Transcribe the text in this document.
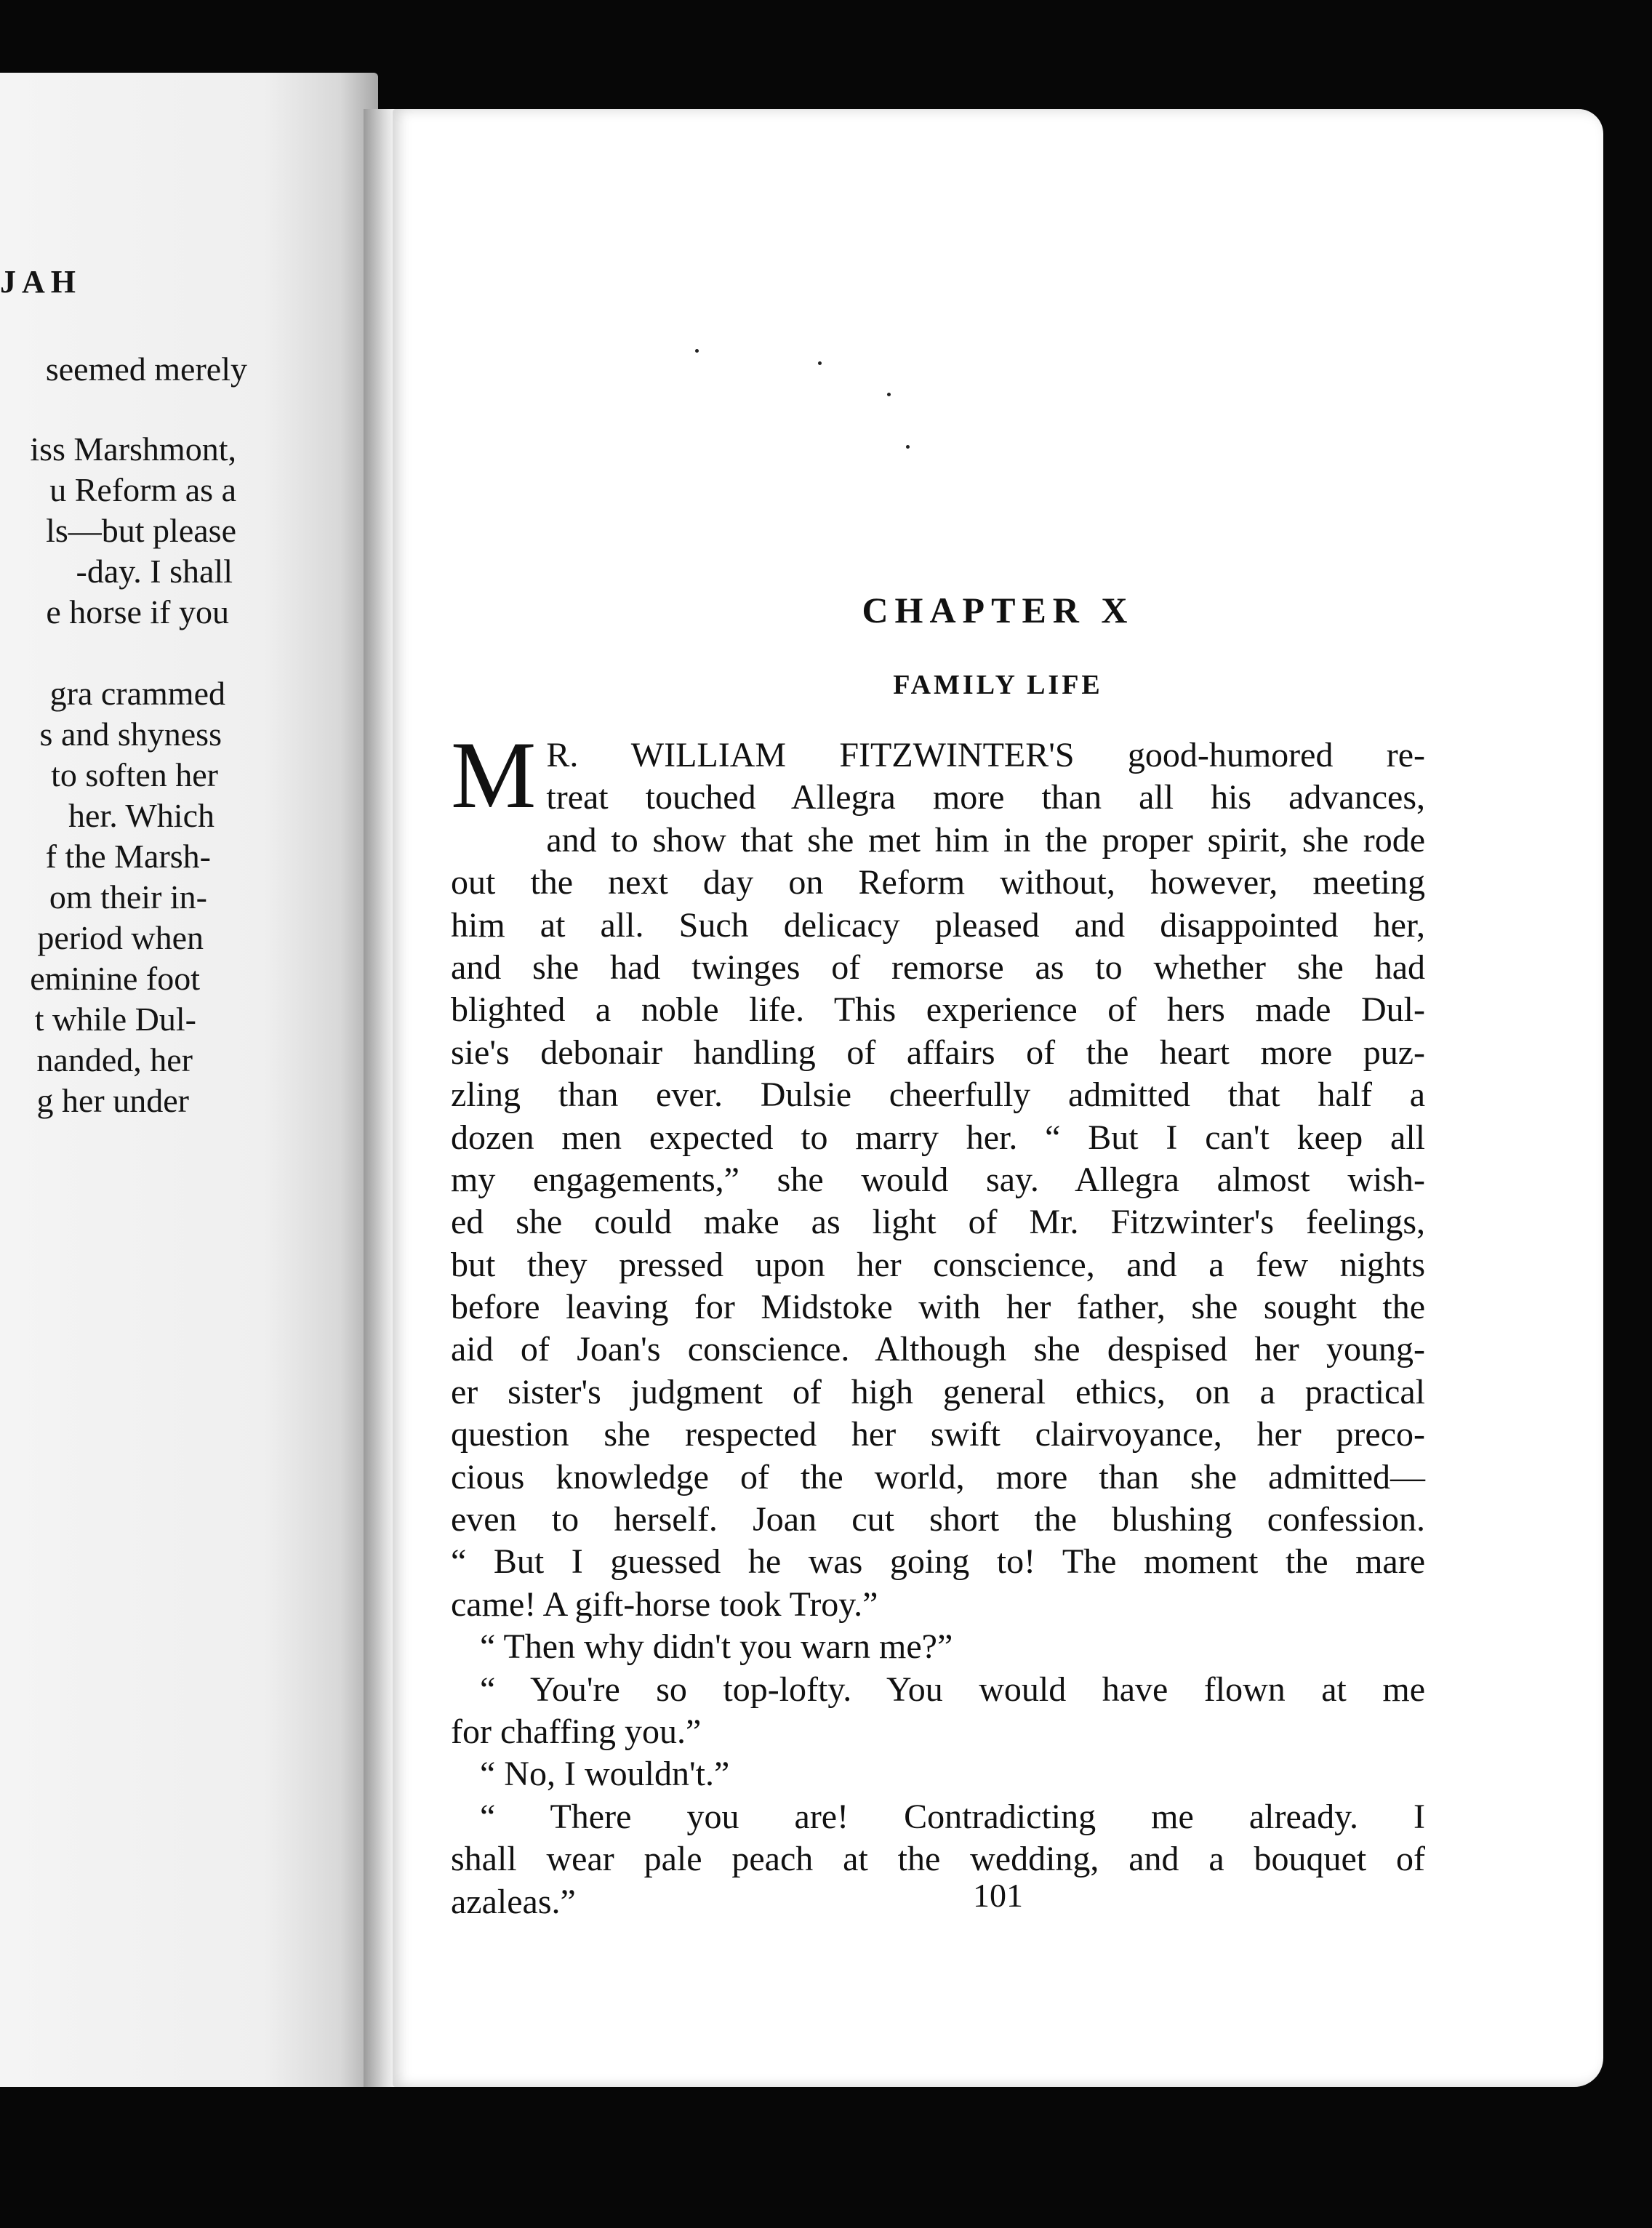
JAH
seemed merely
iss Marshmont,
u Reform as a
ls—but please
-day. I shall
e horse if you
gra crammed
s and shyness
to soften her
her. Which
f the Marsh-
om their in-
period when
eminine foot
t while Dul-
nanded, her
g her under
CHAPTER X
FAMILY LIFE
M R. WILLIAM FITZWINTER'S good-humored re-
treat touched Allegra more than all his advances,
and to show that she met him in the proper spirit, she rode
out the next day on Reform without, however, meeting
him at all. Such delicacy pleased and disappointed her,
and she had twinges of remorse as to whether she had
blighted a noble life. This experience of hers made Dul-
sie's debonair handling of affairs of the heart more puz-
zling than ever. Dulsie cheerfully admitted that half a
dozen men expected to marry her. “ But I can't keep all
my engagements,” she would say. Allegra almost wish-
ed she could make as light of Mr. Fitzwinter's feelings,
but they pressed upon her conscience, and a few nights
before leaving for Midstoke with her father, she sought the
aid of Joan's conscience. Although she despised her young-
er sister's judgment of high general ethics, on a practical
question she respected her swift clairvoyance, her preco-
cious knowledge of the world, more than she admitted—
even to herself. Joan cut short the blushing confession.
“ But I guessed he was going to! The moment the mare
came! A gift-horse took Troy.”
“ Then why didn't you warn me?”
“ You're so top-lofty. You would have flown at me
for chaffing you.”
“ No, I wouldn't.”
“ There you are! Contradicting me already. I
shall wear pale peach at the wedding, and a bouquet of
azaleas.”	101
